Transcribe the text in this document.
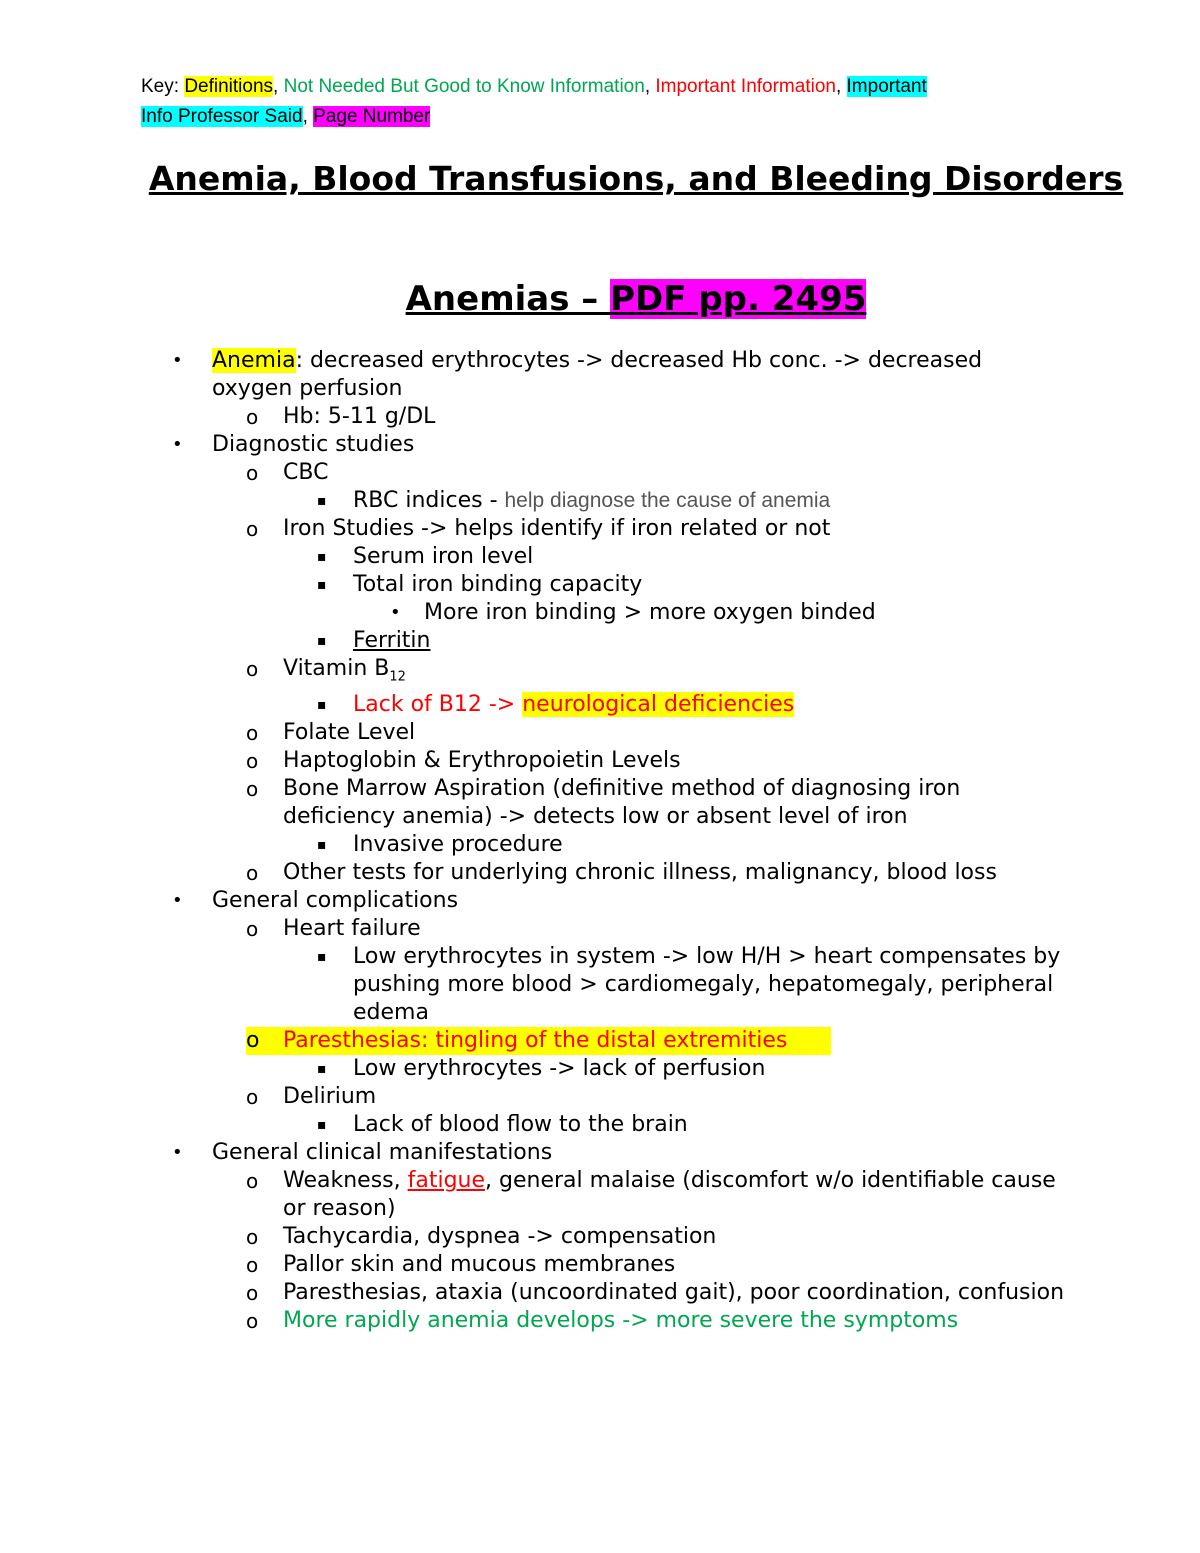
Key: Definitions, Not Needed But Good to Know Information, Important Information, Important
Info Professor Said, Page Number
Anemia, Blood Transfusions, and Bleeding Disorders
Anemias – PDF pp. 2495
• Anemia: decreased erythrocytes -> decreased Hb conc. -> decreased oxygen perfusion
o Hb: 5-11 g/DL
• Diagnostic studies
o CBC
▪ RBC indices - help diagnose the cause of anemia
o Iron Studies -> helps identify if iron related or not
▪ Serum iron level
▪ Total iron binding capacity
• More iron binding > more oxygen binded
▪ Ferritin
o Vitamin $B_{12}$
▪ Lack of B12 -> neurological deficiencies
o Folate Level
o Haptoglobin & Erythropoietin Levels
o Bone Marrow Aspiration (definitive method of diagnosing iron deficiency anemia) -> detects low or absent level of iron
▪ Invasive procedure
o Other tests for underlying chronic illness, malignancy, blood loss
• General complications
o Heart failure
▪ Low erythrocytes in system -> low H/H > heart compensates by pushing more blood > cardiomegaly, hepatomegaly, peripheral edema
o Paresthesias: tingling of the distal extremities
▪ Low erythrocytes -> lack of perfusion
o Delirium
▪ Lack of blood flow to the brain
• General clinical manifestations
o Weakness, fatigue, general malaise (discomfort w/o identifiable cause or reason)
o Tachycardia, dyspnea -> compensation
o Pallor skin and mucous membranes
o Paresthesias, ataxia (uncoordinated gait), poor coordination, confusion
o More rapidly anemia develops -> more severe the symptoms
